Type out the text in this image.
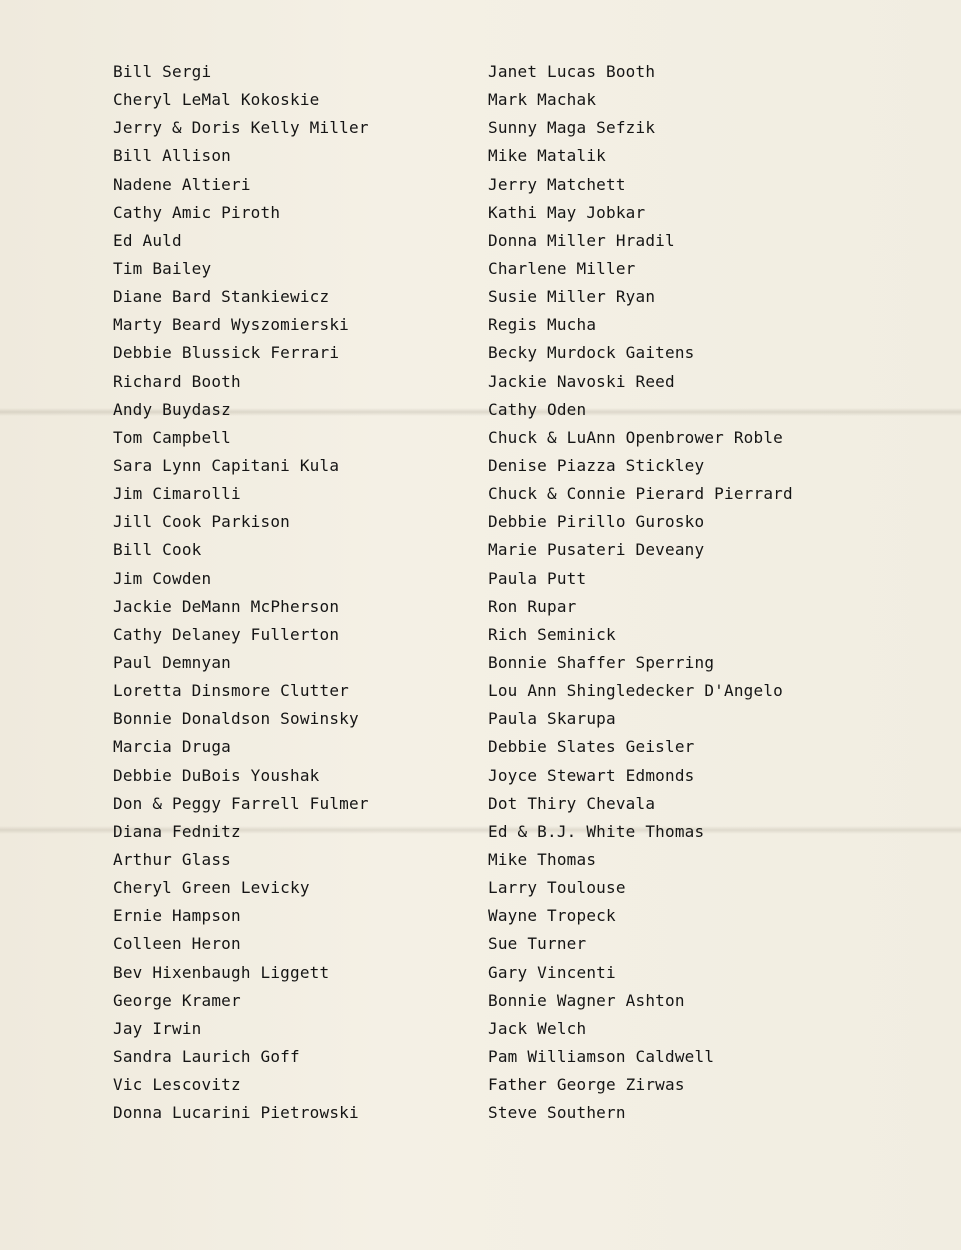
Bill Sergi
Cheryl LeMal Kokoskie
Jerry & Doris Kelly Miller
Bill Allison
Nadene Altieri
Cathy Amic Piroth
Ed Auld
Tim Bailey
Diane Bard Stankiewicz
Marty Beard Wyszomierski
Debbie Blussick Ferrari
Richard Booth
Andy Buydasz
Tom Campbell
Sara Lynn Capitani Kula
Jim Cimarolli
Jill Cook Parkison
Bill Cook
Jim Cowden
Jackie DeMann McPherson
Cathy Delaney Fullerton
Paul Demnyan
Loretta Dinsmore Clutter
Bonnie Donaldson Sowinsky
Marcia Druga
Debbie DuBois Youshak
Don & Peggy Farrell Fulmer
Diana Fednitz
Arthur Glass
Cheryl Green Levicky
Ernie Hampson
Colleen Heron
Bev Hixenbaugh Liggett
George Kramer
Jay Irwin
Sandra Laurich Goff
Vic Lescovitz
Donna Lucarini Pietrowski
Janet Lucas Booth
Mark Machak
Sunny Maga Sefzik
Mike Matalik
Jerry Matchett
Kathi May Jobkar
Donna Miller Hradil
Charlene Miller
Susie Miller Ryan
Regis Mucha
Becky Murdock Gaitens
Jackie Navoski Reed
Cathy Oden
Chuck & LuAnn Openbrower Roble
Denise Piazza Stickley
Chuck & Connie Pierard Pierrard
Debbie Pirillo Gurosko
Marie Pusateri Deveany
Paula Putt
Ron Rupar
Rich Seminick
Bonnie Shaffer Sperring
Lou Ann Shingledecker D'Angelo
Paula Skarupa
Debbie Slates Geisler
Joyce Stewart Edmonds
Dot Thiry Chevala
Ed & B.J. White Thomas
Mike Thomas
Larry Toulouse
Wayne Tropeck
Sue Turner
Gary Vincenti
Bonnie Wagner Ashton
Jack Welch
Pam Williamson Caldwell
Father George Zirwas
Steve Southern
